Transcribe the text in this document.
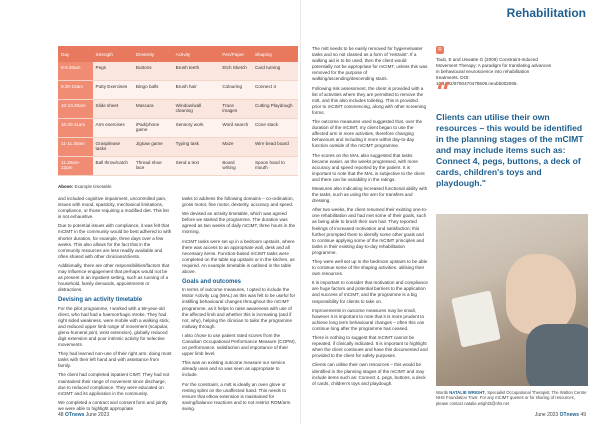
Rehabilitation
Day	Strength	Dexterity	Activity	Pen/Paper	Shaping
9-9.30am	Pegs	Buttons	Brush teeth	Etch Sketch	Card turning
9.30-10am	Putty Exercises	Bingo balls	Brush hair	Colouring	Connect 4
10-10.30am	Slide sheet	Mascara	Window/wall cleaning	Trace images	Cutting Playdough
10.30-11am	Arm exercises	iPad/phone game	Sensory work	Word search	Cone stack
11-11.30am	Graspilease tasks	Jigsaw game	Typing task	Maze	Wire bead board
11.30am-12pm	Ball throw/catch	Thread shoe lace	Send a text	Board writing	Spoon hand to mouth
Above: Example timetable

and included cognitive impairment, uncontrolled pain, issues with mood, spasticity, mechanical limitations, compliance, or those requiring a modified diet. This list is not exhaustive.

Due to potential issues with compliance, it was felt that mCIMT in the community would be best adhered to with shorter duration, for example, three days over a few weeks. This also allows for the fact that in the community resources are less readily available and often shared with other clinicians/clients.

Additionally, there are other responsibilities/factors that may influence engagement that perhaps would not be as present in an inpatient setting, such as running of a household, family demands, appointments or distractions.

Devising an activity timetable

For the pilot programme, I worked with a 58-year-old client, who had had a haemorrhagic stroke. They had right sided weakness, were mobile with a walking stick, and reduced upper limb range of movement (scapular, gleno-humeral joint, wrist extension), globally reduced digit extension and poor intrinsic activity for selective movements.

They had learned non-use of their right arm: doing most tasks with their left hand and with assistance from family.

The client had completed inpatient CIMT. They had not maintained their range of movement since discharge, due to reduced compliance. They were educated on mCIMT and its application in the community.

We completed a contract and consent form and jointly we were able to highlight appropriate

tasks to address the following domains – co-ordination, gross motor, fine motor, dexterity, accuracy and speed.

We devised an activity timetable, which was agreed before we started the programme. The duration was agreed as two weeks of daily mCIMT, three hours in the morning.

mCIMT tasks were set up in a bedroom upstairs, where there was access to an appropriate wall, desk and all necessary items. Function-based mCIMT tasks were completed on the table top upstairs or in the kitchen, as required. An example timetable is outlined in the table above.

Goals and outcomes

In terms of outcome measures, I opted to include the Motor Activity Log (MAL) as this was felt to be useful for instilling behavioural changes throughout the mCIMT programme, as it helps to raise awareness with use of the affected limb and whether this is increasing (and if not, why), helping the clinician to tailor the programme midway through.

I also chose to use patient rated scores from the Canadian Occupational Performance Measure (COPM), on performance, satisfaction and importance of their upper limb level.

This was an existing outcome measure our service already uses and so was seen as appropriate to include.

For the constraint, a mitt is ideally an oven glove or resting splint on the unaffected hand. This needs to ensure that elbow extension is maintained for saving/balance reactions and to not restrict ROM/arm swing.

The mitt needs to be easily removed for hygiene/water tasks and so not classed as a form of 'restraint'. If a walking aid is to be used, then the client would potentially not be appropriate for mCIMT, unless this was removed for the purpose of walking/ascending/descending stairs.

Following risk assessment, the client is provided with a list of activities where they are permitted to remove the mitt, and this also includes toileting. This is provided prior to mCIMT commencing, along with other screening forms.

The outcome measures used suggested that, over the duration of the mCIMT, my client began to use the affected arm in more activities, therefore changing behaviours and including it more within day-to-day function outside of the mCIMT programme.

The scores on the MAL also suggested that tasks became easier, as the weeks progressed, with more accuracy and speed reported by the patient. It is important to note that the MAL is subjective to the client and there can be variability in the ratings.

Measures also indicating increased functional ability with the tasks, such as using the arm for transfers and dressing.

After two weeks, the client resumed their existing one-to-one rehabilitation and had met some of their goals, such as being able to brush their own hair. They reported feelings of increased motivation and satisfaction; this further prompted them to identify some other goals and to continue applying some of the mCIMT principles and tasks in their existing day-to-day rehabilitation programme.

They were well set up in the bedroom upstairs to be able to continue some of the shaping activities, utilising their own resources.

It is important to consider that motivation and compliance are huge factors and potential barriers to the application and success of mCIMT, and the programme is a big responsibility for clients to take on.

Improvements in outcome measures may be small, however it is important to note that it is more prudent to achieve long term behavioural changes – often this can continue long after the programme has ceased.

There is nothing to suggest that mCIMT cannot be repeated, if clinically indicated. It is important to highlight when the client continues and have this documented and provided to the client for safety purposes.

Clients can utilise their own resources – this would be identified in the planning stages of the mCIMT and may include items such as: Connect 4, pegs, buttons, a deck of cards, children's toys and playdough.

R

Taub, E and Uswatte G (2009) Constraint-Induced Movement Therapy: A paradigm for translating advances in behavioural neuroscience into rehabilitation treatments. DOI: 10.1002/9780470478509.neubb002066.

“
Clients can utilise their own resources – this would be identified in the planning stages of the mCIMT and may include items such as: Connect 4, pegs, buttons, a deck of cards, children's toys and playdough."
Words NATALIE WRIGHT, Specialist Occupational Therapist, The Walton Centre NHS Foundation Trust. For any mCIMT queries or for sharing of resources, please contact natalie.wright3@nhs.net
48 OTnews June 2023	June 2023 OTnews 49
